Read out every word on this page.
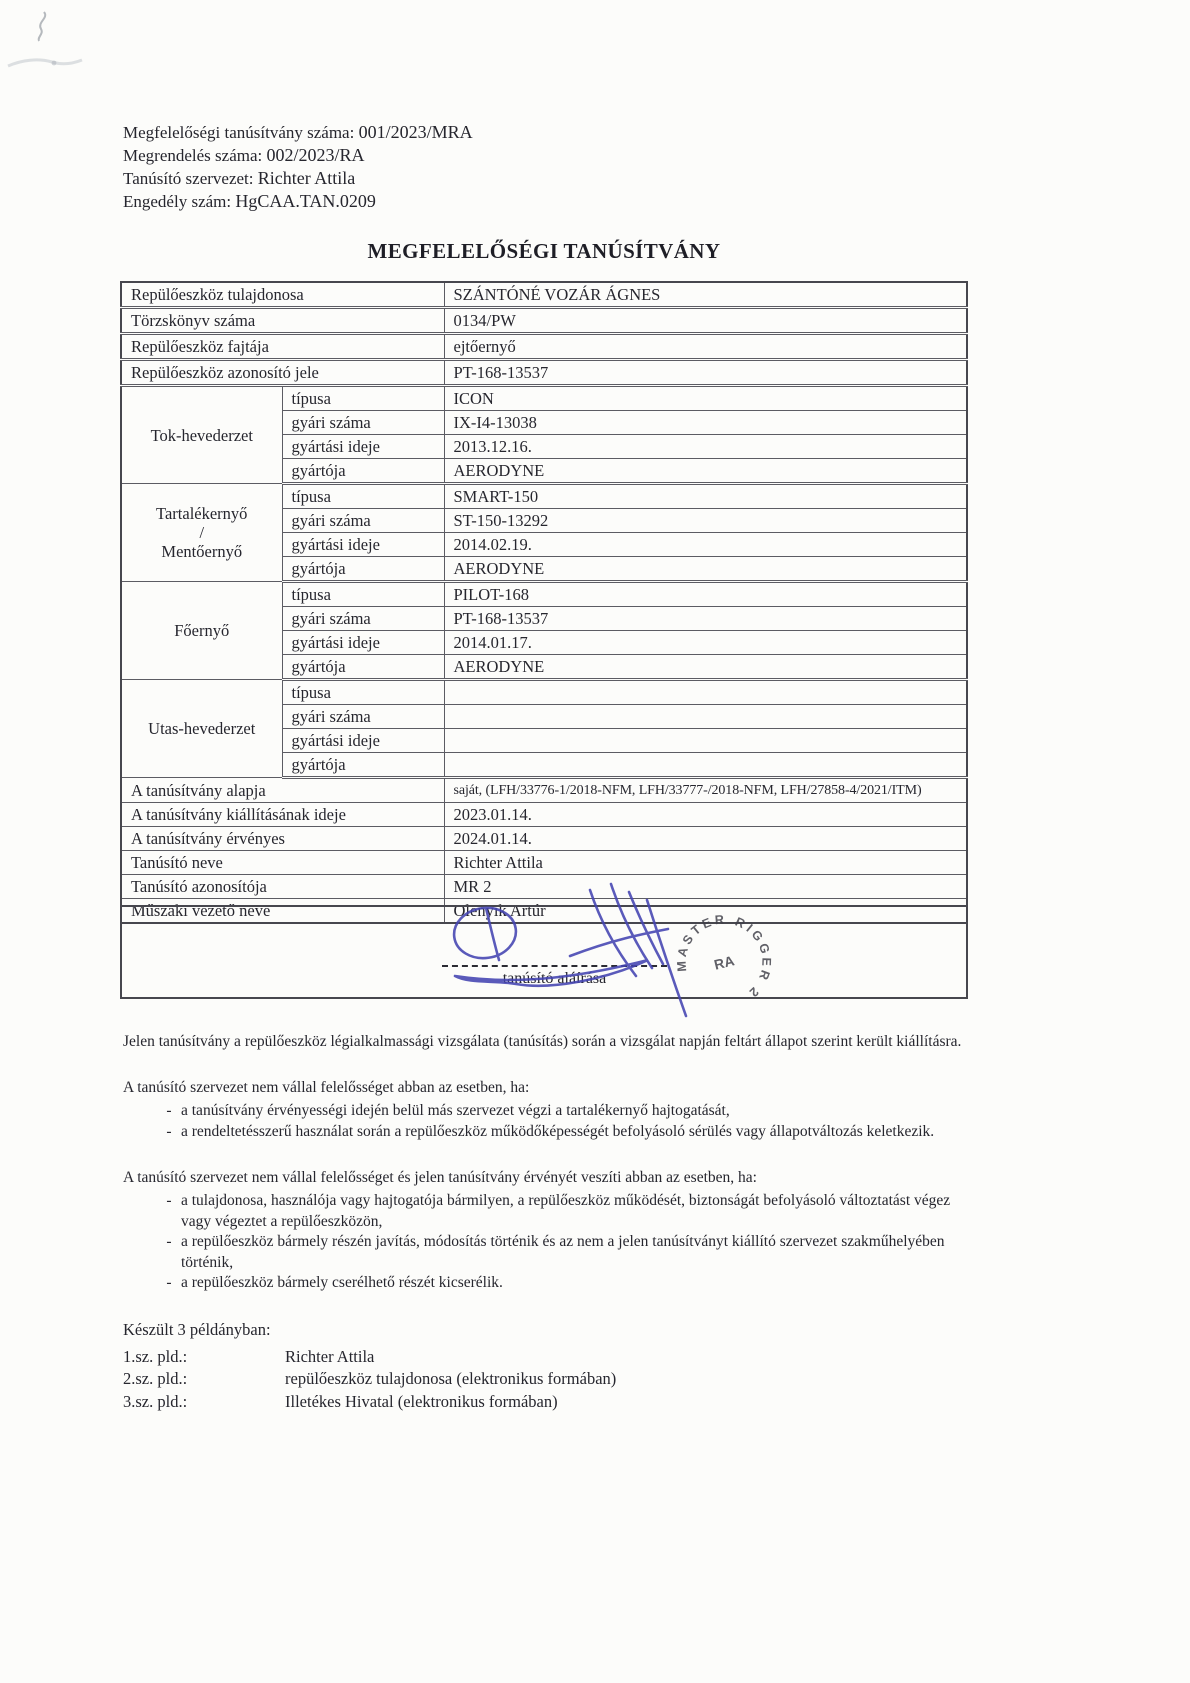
Megfelelőségi tanúsítvány száma: 001/2023/MRA
Megrendelés száma: 002/2023/RA
Tanúsító szervezet: Richter Attila
Engedély szám: HgCAA.TAN.0209
MEGFELELŐSÉGI TANÚSÍTVÁNY
Repülőeszköz tulajdonosa		SZÁNTÓNÉ VOZÁR ÁGNES
Törzskönyv száma		0134/PW
Repülőeszköz fajtája		ejtőernyő
Repülőeszköz azonosító jele		PT-168-13537

Tok-hevederzet	típusa	ICON
	gyári száma	IX-I4-13038
	gyártási ideje	2013.12.16.
	gyártója	AERODYNE

Tartalékernyő
/
Mentőernyő	típusa	SMART-150
	gyári száma	ST-150-13292
	gyártási ideje	2014.02.19.
	gyártója	AERODYNE

Főernyő	típusa	PILOT-168
	gyári száma	PT-168-13537
	gyártási ideje	2014.01.17.
	gyártója	AERODYNE

Utas-hevederzet	típusa	
	gyári száma	
	gyártási ideje	
	gyártója	
A tanúsítvány alapja		saját, (LFH/33776-1/2018-NFM, LFH/33777-/2018-NFM, LFH/27858-4/2021/ITM)
A tanúsítvány kiállításának ideje		2023.01.14.
A tanúsítvány érvényes		2024.01.14.
Tanúsító neve		Richter Attila
Tanúsító azonosítója		MR 2
Műszaki vezető neve		Olenyik Artúr
tanúsító aláírása
MASTER RIGGER 2
RA

Jelen tanúsítvány a repülőeszköz légialkalmassági vizsgálata (tanúsítás) során a vizsgálat napján feltárt állapot szerint került kiállításra.

A tanúsító szervezet nem vállal felelősséget abban az esetben, ha:

- a tanúsítvány érvényességi idején belül más szervezet végzi a tartalékernyő hajtogatását,
- a rendeltetésszerű használat során a repülőeszköz működőképességét befolyásoló sérülés vagy állapotváltozás keletkezik.

A tanúsító szervezet nem vállal felelősséget és jelen tanúsítvány érvényét veszíti abban az esetben, ha:

- a tulajdonosa, használója vagy hajtogatója bármilyen, a repülőeszköz működését, biztonságát befolyásoló változtatást végez vagy végeztet a repülőeszközön,
- a repülőeszköz bármely részén javítás, módosítás történik és az nem a jelen tanúsítványt kiállító szervezet szakműhelyében történik,
- a repülőeszköz bármely cserélhető részét kicserélik.

Készült 3 példányban:

1.sz. pld.:	Richter Attila
2.sz. pld.:	repülőeszköz tulajdonosa (elektronikus formában)
3.sz. pld.:	Illetékes Hivatal (elektronikus formában)
